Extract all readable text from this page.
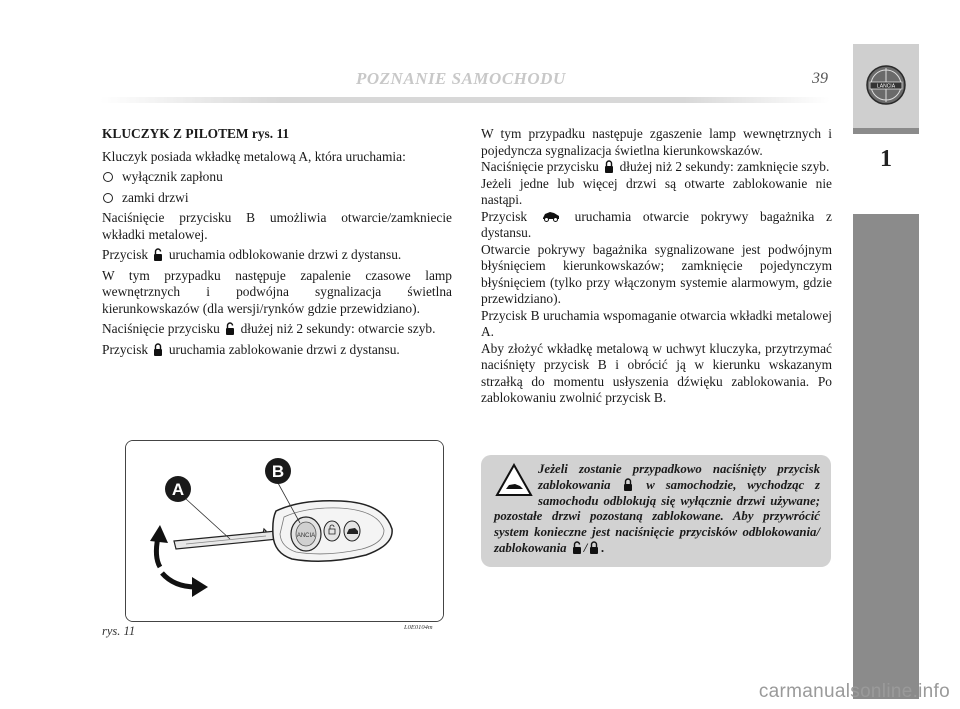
POZNANIE SAMOCHODU	39	LANCIA
1

KLUCZYK Z PILOTEM rys. 11

Kluczyk posiada wkładkę metalową A, która uruchamia:

wyłącznik zapłonu
zamki drzwi

Naciśnięcie przycisku B umożliwia otwarcie/zamkniecie wkładki metalowej.

Przycisk uruchamia odblokowanie drzwi z dystansu.

W tym przypadku następuje zapalenie czasowe lamp wewnętrznych i podwójna sygnalizacja świetlna kierunkowskazów (dla wersji/rynków gdzie przewidziano).

Naciśnięcie przycisku dłużej niż 2 sekundy: otwarcie szyb.

Przycisk uruchamia zablokowanie drzwi z dystansu.

W tym przypadku następuje zgaszenie lamp wewnętrznych i pojedyncza sygnalizacja świetlna kierunkowskazów.

Naciśnięcie przycisku dłużej niż 2 sekundy: zamknięcie szyb.

Jeżeli jedne lub więcej drzwi są otwarte zablokowanie nie nastąpi.

Przycisk	uruchamia otwarcie pokrywy bagażnika z dystansu.

Otwarcie pokrywy bagażnika sygnalizowane jest podwójnym błyśnięciem kierunkowskazów; zamknięcie pojedynczym błyśnięciem (tylko przy włączonym systemie alarmowym, gdzie przewidziano).

Przycisk B uruchamia wspomaganie otwarcia wkładki metalowej A.

Aby złożyć wkładkę metalową w uchwyt kluczyka, przytrzymać naciśnięty przycisk B i obrócić ją w kierunku wskazanym strzałką do momentu usłyszenia dźwięku zablokowania. Po zablokowaniu zwolnić przycisk B.

ANCIA
A
B
rys. 11	L0E0104m
Jeżeli zostanie przypadkowo naciśnięty przycisk zablokowania	w samochodzie, wychodząc z samochodu odblokują się wyłącznie drzwi używane; pozostałe drzwi pozostaną zablokowane. Aby przywrócić system konieczne jest naciśnięcie przycisków odblokowania/ zablokowania / .
carmanualsonline.info
